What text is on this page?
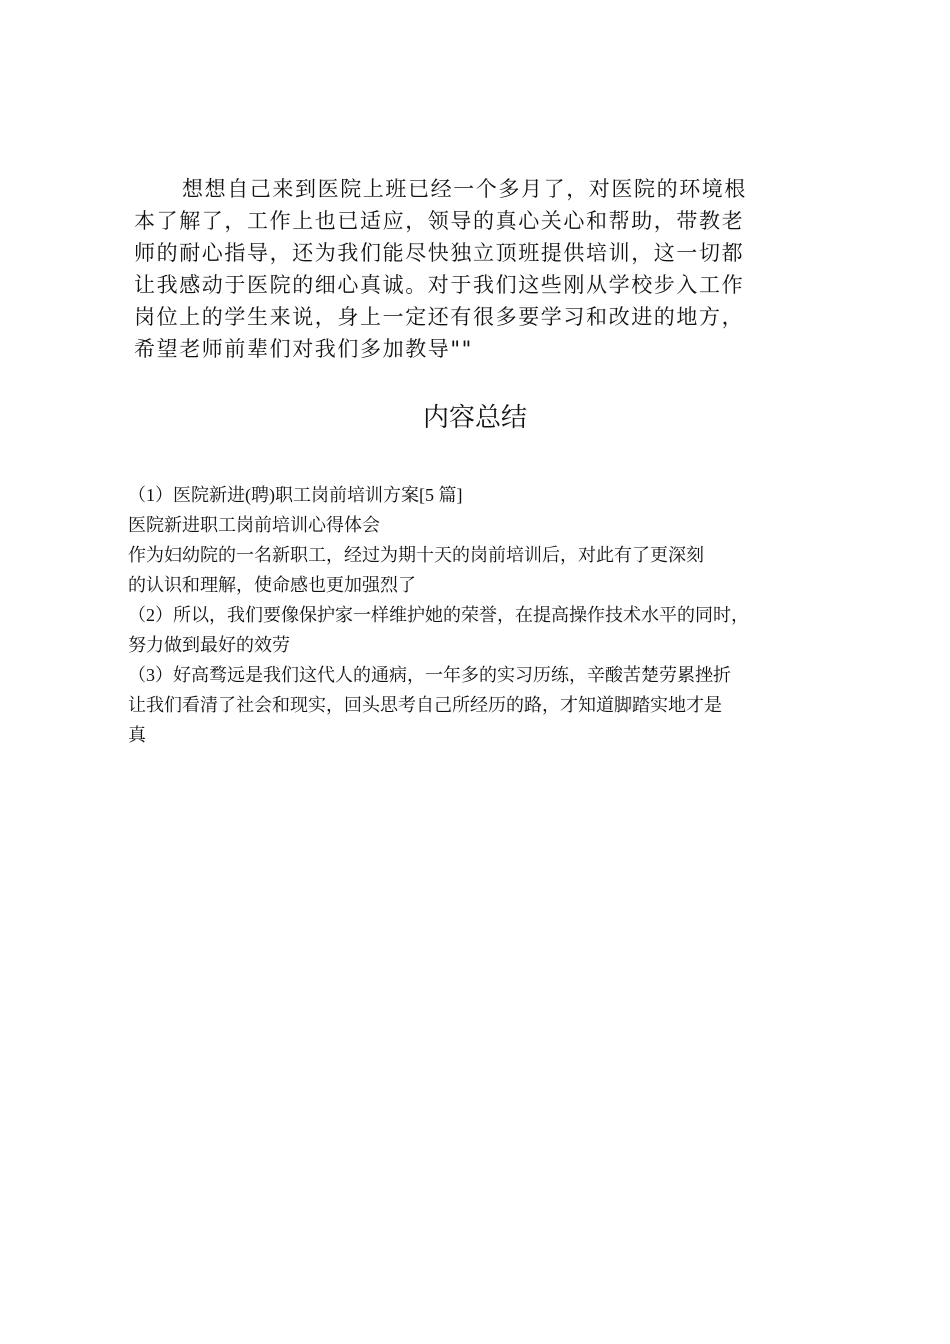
想想自己来到医院上班已经一个多月了，对医院的环境根
本了解了，工作上也已适应，领导的真心关心和帮助，带教老
师的耐心指导，还为我们能尽快独立顶班提供培训，这一切都
让我感动于医院的细心真诚。对于我们这些刚从学校步入工作
岗位上的学生来说，身上一定还有很多要学习和改进的地方，
希望老师前辈们对我们多加教导""

内容总结

（1）医院新进(聘)职工岗前培训方案[5 篇]

医院新进职工岗前培训心得体会

作为妇幼院的一名新职工，经过为期十天的岗前培训后，对此有了更深刻
的认识和理解，使命感也更加强烈了

（2）所以，我们要像保护家一样维护她的荣誉，在提高操作技术水平的同时，
努力做到最好的效劳

（3）好高骛远是我们这代人的通病，一年多的实习历练，辛酸苦楚劳累挫折
让我们看清了社会和现实，回头思考自己所经历的路，才知道脚踏实地才是
真
